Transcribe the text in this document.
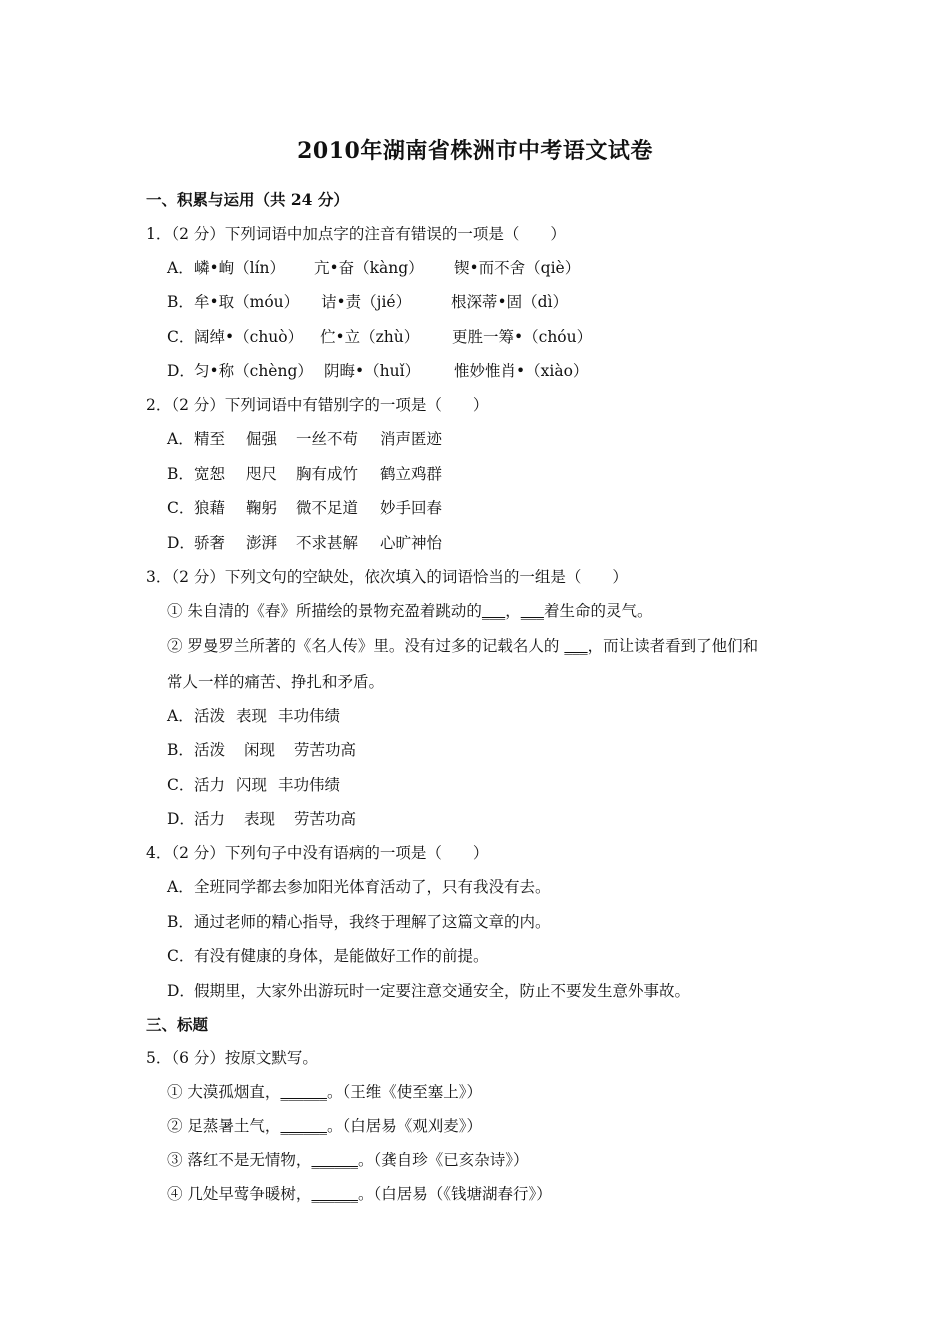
2010年湖南省株洲市中考语文试卷
一、积累与运用（共 24 分）
1．（2 分）下列词语中加点字的注音有错误的一项是（　　）
A．嶙•峋（lín） 亢•奋（kàng） 锲•而不舍（qiè）
B．牟•取（móu） 诘•责（jié）	根深蒂•固（dì）
C．阔绰•（chuò） 伫•立（zhù） 更胜一筹•（chóu）
D．匀•称（chèng） 阴晦•（huǐ） 惟妙惟肖•（xiào）
2．（2 分）下列词语中有错别字的一项是（　　）
A．精至 倔强 一丝不苟 消声匿迹
B．宽恕 咫尺 胸有成竹 鹤立鸡群
C．狼藉 鞠躬 微不足道 妙手回春
D．骄奢 澎湃 不求甚解 心旷神怡
3．（2 分）下列文句的空缺处，依次填入的词语恰当的一组是（　　）
① 朱自清的《春》所描绘的景物充盈着跳动的___，___着生命的灵气。
② 罗曼罗兰所著的《名人传》里。没有过多的记载名人的 ___，而让读者看到了他们和
常人一样的痛苦、挣扎和矛盾。
A．活泼 表现 丰功伟绩
B．活泼 闲现 劳苦功高
C．活力 闪现 丰功伟绩
D．活力 表现 劳苦功高
4．（2 分）下列句子中没有语病的一项是（　　）
A．全班同学都去参加阳光体育活动了，只有我没有去。
B．通过老师的精心指导，我终于理解了这篇文章的内。
C．有没有健康的身体，是能做好工作的前提。
D．假期里，大家外出游玩时一定要注意交通安全，防止不要发生意外事故。
三、标题
5．（6 分）按原文默写。
① 大漠孤烟直，______。（王维《使至塞上》）
② 足蒸暑土气，______。（白居易《观刈麦》）
③ 落红不是无情物，______。（龚自珍《已亥杂诗》）
④ 几处早莺争暖树，______。（白居易（《钱塘湖春行》）
